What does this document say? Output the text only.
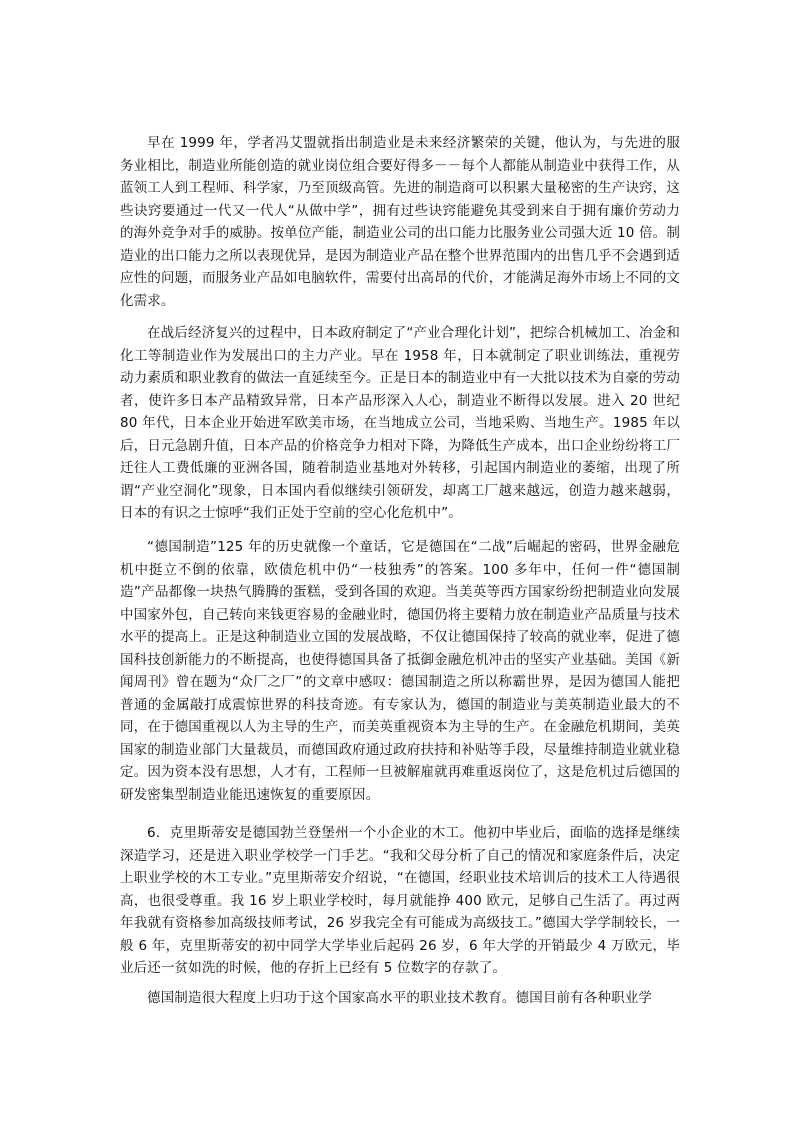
早在 1999 年，学者冯艾盟就指出制造业是未来经济繁荣的关键，他认为，与先进的服务业相比，制造业所能创造的就业岗位组合要好得多－－每个人都能从制造业中获得工作，从蓝领工人到工程师、科学家，乃至顶级高管。先进的制造商可以积累大量秘密的生产诀窍，这些诀窍要通过一代又一代人“从做中学”，拥有过些诀窍能避免其受到来自于拥有廉价劳动力的海外竞争对手的威胁。按单位产能，制造业公司的出口能力比服务业公司强大近 10 倍。制造业的出口能力之所以表现优异，是因为制造业产品在整个世界范围内的出售几乎不会遇到适应性的问题，而服务业产品如电脑软件，需要付出高昂的代价，才能满足海外市场上不同的文化需求。

在战后经济复兴的过程中，日本政府制定了“产业合理化计划”，把综合机械加工、冶金和化工等制造业作为发展出口的主力产业。早在 1958 年，日本就制定了职业训练法，重视劳动力素质和职业教育的做法一直延续至今。正是日本的制造业中有一大批以技术为自豪的劳动者，使许多日本产品精致异常，日本产品形深入人心，制造业不断得以发展。进入 20 世纪 80 年代，日本企业开始进军欧美市场，在当地成立公司，当地采购、当地生产。1985 年以后，日元急剧升值，日本产品的价格竞争力相对下降，为降低生产成本，出口企业纷纷将工厂迁往人工费低廉的亚洲各国，随着制造业基地对外转移，引起国内制造业的萎缩，出现了所谓“产业空洞化”现象，日本国内看似继续引领研发，却离工厂越来越远，创造力越来越弱，日本的有识之士惊呼“我们正处于空前的空心化危机中”。

“德国制造”125 年的历史就像一个童话，它是德国在“二战”后崛起的密码，世界金融危机中挺立不倒的依靠，欧债危机中仍“一枝独秀”的答案。100 多年中，任何一件“德国制造”产品都像一块热气腾腾的蛋糕，受到各国的欢迎。当美英等西方国家纷纷把制造业向发展中国家外包，自己转向来钱更容易的金融业时，德国仍将主要精力放在制造业产品质量与技术水平的提高上。正是这种制造业立国的发展战略，不仅让德国保持了较高的就业率，促进了德国科技创新能力的不断提高，也使得德国具备了抵御金融危机冲击的坚实产业基础。美国《新闻周刊》曾在题为“众厂之厂”的文章中感叹：德国制造之所以称霸世界，是因为德国人能把普通的金属敲打成震惊世界的科技奇迹。有专家认为，德国的制造业与美英制造业最大的不同，在于德国重视以人为主导的生产，而美英重视资本为主导的生产。在金融危机期间，美英国家的制造业部门大量裁员，而德国政府通过政府扶持和补贴等手段，尽量维持制造业就业稳定。因为资本没有思想，人才有，工程师一旦被解雇就再难重返岗位了，这是危机过后德国的研发密集型制造业能迅速恢复的重要原因。

6．克里斯蒂安是德国勃兰登堡州一个小企业的木工。他初中毕业后，面临的选择是继续深造学习，还是进入职业学校学一门手艺。“我和父母分析了自己的情况和家庭条件后，决定上职业学校的木工专业。”克里斯蒂安介绍说，“在德国，经职业技术培训后的技术工人待遇很高，也很受尊重。我 16 岁上职业学校时，每月就能挣 400 欧元，足够自己生活了。再过两年我就有资格参加高级技师考试，26 岁我完全有可能成为高级技工。”德国大学学制较长，一般 6 年，克里斯蒂安的初中同学大学毕业后起码 26 岁，6 年大学的开销最少 4 万欧元，毕业后还一贫如洗的时候，他的存折上已经有 5 位数字的存款了。

德国制造很大程度上归功于这个国家高水平的职业技术教育。德国目前有各种职业学
